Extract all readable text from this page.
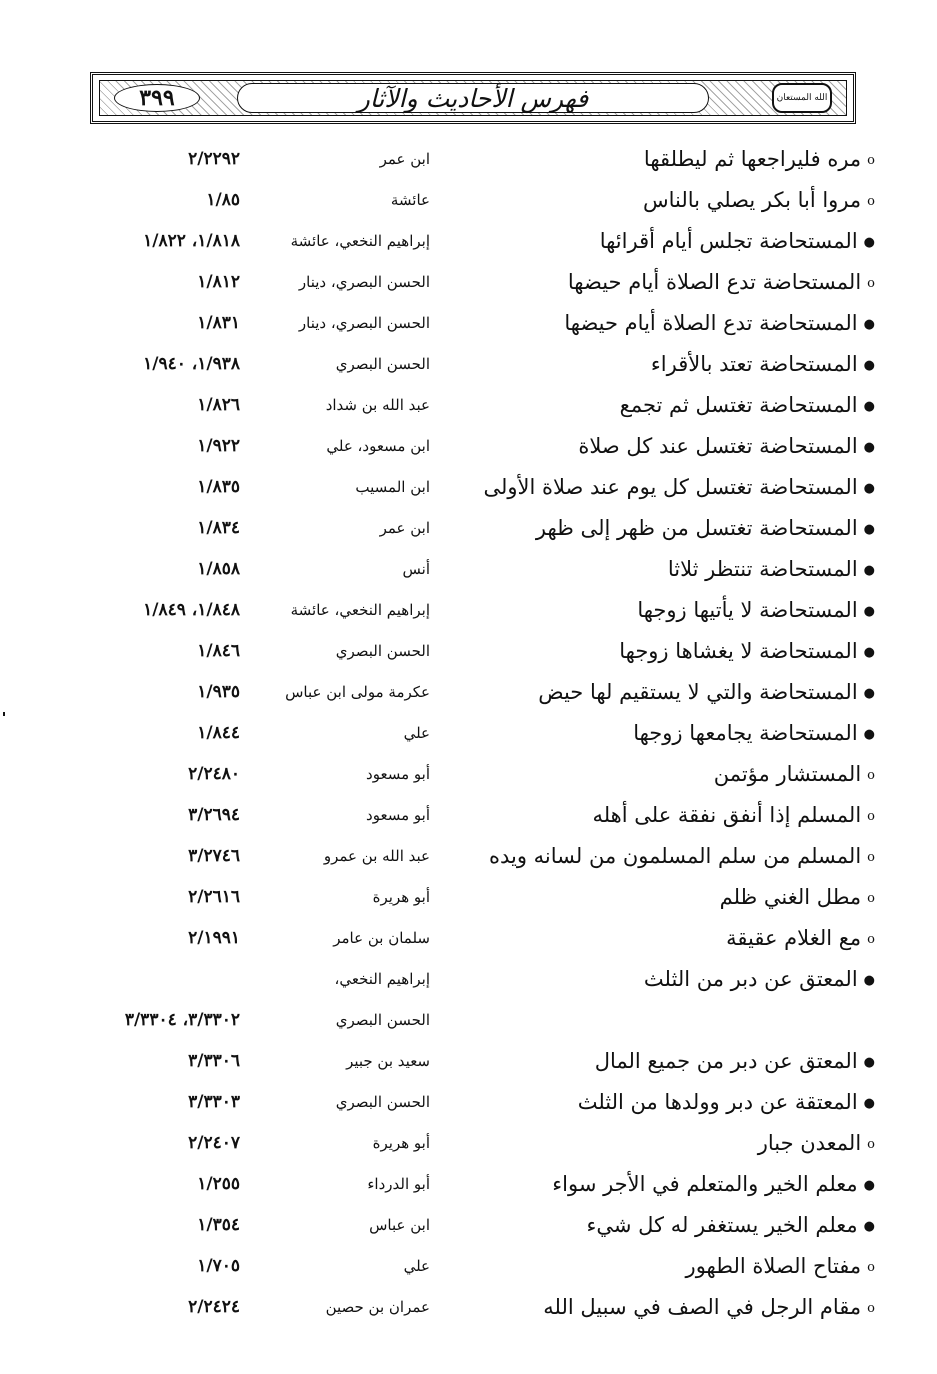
٣٩٩	فهرس الأحاديث والآثار	الله المستعان
oمره فليراجعها ثم ليطلقها
ابن عمر
٢/٢٢٩٢
oمروا أبا بكر يصلي بالناس
عائشة
١/٨٥
●المستحاضة تجلس أيام أقرائها
إبراهيم النخعي، عائشة
١/٨١٨، ١/٨٢٢
oالمستحاضة تدع الصلاة أيام حيضها
الحسن البصري، دينار
١/٨١٢
●المستحاضة تدع الصلاة أيام حيضها
الحسن البصري، دينار
١/٨٣١
●المستحاضة تعتد بالأقراء
الحسن البصري
١/٩٣٨، ١/٩٤٠
●المستحاضة تغتسل ثم تجمع
عبد الله بن شداد
١/٨٢٦
●المستحاضة تغتسل عند كل صلاة
ابن مسعود، علي
١/٩٢٢
●المستحاضة تغتسل كل يوم عند صلاة الأولى
ابن المسيب
١/٨٣٥
●المستحاضة تغتسل من ظهر إلى ظهر
ابن عمر
١/٨٣٤
●المستحاضة تنتظر ثلاثا
أنس
١/٨٥٨
●المستحاضة لا يأتيها زوجها
إبراهيم النخعي، عائشة
١/٨٤٨، ١/٨٤٩
●المستحاضة لا يغشاها زوجها
الحسن البصري
١/٨٤٦
●المستحاضة والتي لا يستقيم لها حيض
عكرمة مولى ابن عباس
١/٩٣٥
●المستحاضة يجامعها زوجها
علي
١/٨٤٤
oالمستشار مؤتمن
أبو مسعود
٢/٢٤٨٠
oالمسلم إذا أنفق نفقة على أهله
أبو مسعود
٣/٢٦٩٤
oالمسلم من سلم المسلمون من لسانه ويده
عبد الله بن عمرو
٣/٢٧٤٦
oمطل الغني ظلم
أبو هريرة
٢/٢٦١٦
oمع الغلام عقيقة
سلمان بن عامر
٢/١٩٩١
●المعتق عن دبر من الثلث
إبراهيم النخعي،
الحسن البصري
٣/٣٣٠٢، ٣/٣٣٠٤
●المعتق عن دبر من جميع المال
سعيد بن جبير
٣/٣٣٠٦
●المعتقة عن دبر وولدها من الثلث
الحسن البصري
٣/٣٣٠٣
oالمعدن جبار
أبو هريرة
٢/٢٤٠٧
●معلم الخير والمتعلم في الأجر سواء
أبو الدرداء
١/٢٥٥
●معلم الخير يستغفر له كل شيء
ابن عباس
١/٣٥٤
oمفتاح الصلاة الطهور
علي
١/٧٠٥
oمقام الرجل في الصف في سبيل الله
عمران بن حصين
٢/٢٤٢٤
